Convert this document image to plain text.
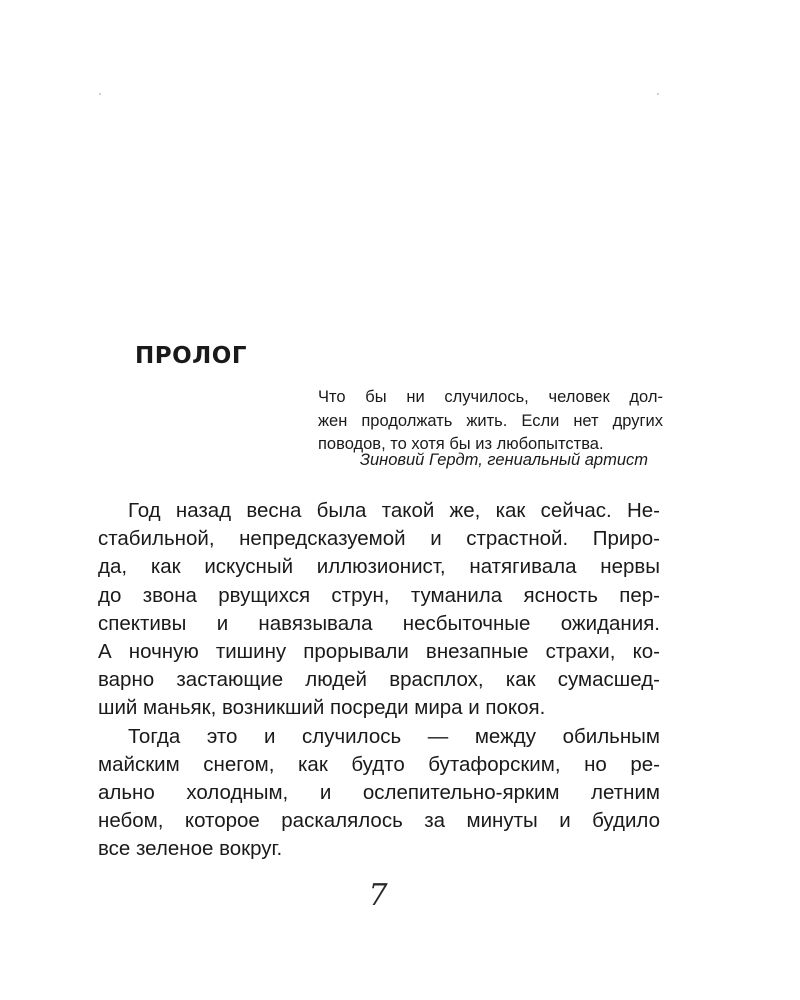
ПРОЛОГ
Что бы ни случилось, человек дол-
жен продолжать жить. Если нет других
поводов, то хотя бы из любопытства.
Зиновий Гердт, гениальный артист
Год назад весна была такой же, как сейчас. Не-
стабильной, непредсказуемой и страстной. Приро-
да, как искусный иллюзионист, натягивала нервы
до звона рвущихся струн, туманила ясность пер-
спективы и навязывала несбыточные ожидания.
А ночную тишину прорывали внезапные страхи, ко-
варно застающие людей врасплох, как сумасшед-
ший маньяк, возникший посреди мира и покоя.
Тогда это и случилось — между обильным
майским снегом, как будто бутафорским, но ре-
ально холодным, и ослепительно-ярким летним
небом, которое раскалялось за минуты и будило
все зеленое вокруг.
7
